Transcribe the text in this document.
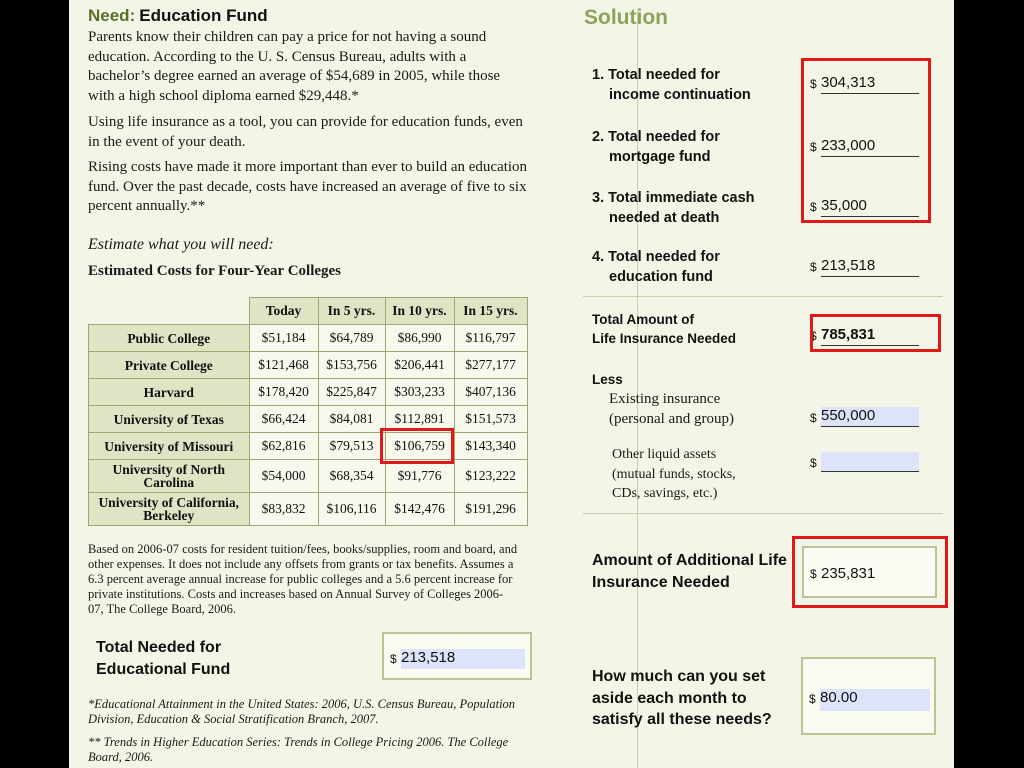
Need: Education Fund
Parents know their children can pay a price for not having a sound education. According to the U. S. Census Bureau, adults with a bachelor’s degree earned an average of $54,689 in 2005, while those with a high school diploma earned $29,448.*
Using life insurance as a tool, you can provide for education funds, even in the event of your death.
Rising costs have made it more important than ever to build an education fund. Over the past decade, costs have increased an average of five to six percent annually.**
Estimate what you will need:
Estimated Costs for Four-Year Colleges
	Today	In 5 yrs.	In 10 yrs.	In 15 yrs.
Public College	$51,184	$64,789	$86,990	$116,797
Private College	$121,468	$153,756	$206,441	$277,177
Harvard	$178,420	$225,847	$303,233	$407,136
University of Texas	$66,424	$84,081	$112,891	$151,573
University of Missouri	$62,816	$79,513	$106,759	$143,340
University of North Carolina	$54,000	$68,354	$91,776	$123,222
University of California, Berkeley	$83,832	$106,116	$142,476	$191,296
Based on 2006-07 costs for resident tuition/fees, books/supplies, room and board, and other expenses. It does not include any offsets from grants or tax benefits. Assumes a 6.3 percent average annual increase for public colleges and a 5.6 percent increase for private institutions. Costs and increases based on Annual Survey of Colleges 2006-07, The College Board, 2006.
Total Needed for
Educational Fund
$ 213,518
*Educational Attainment in the United States: 2006, U.S. Census Bureau, Population Division, Education & Social Stratification Branch, 2007.
** Trends in Higher Education Series: Trends in College Pricing 2006. The College Board, 2006.
Solution
1. Total needed for
income continuation
$ 304,313
2. Total needed for
mortgage fund
$ 233,000
3. Total immediate cash
needed at death
$ 35,000
4. Total needed for
education fund
$ 213,518
Total Amount of
Life Insurance Needed	$ 785,831
Less
Existing insurance
(personal and group)	$ 550,000
Other liquid assets
(mutual funds, stocks,
CDs, savings, etc.)
$
Amount of Additional Life
Insurance Needed	$ 235,831
How much can you set
aside each month to
satisfy all these needs?
$ 80.00
